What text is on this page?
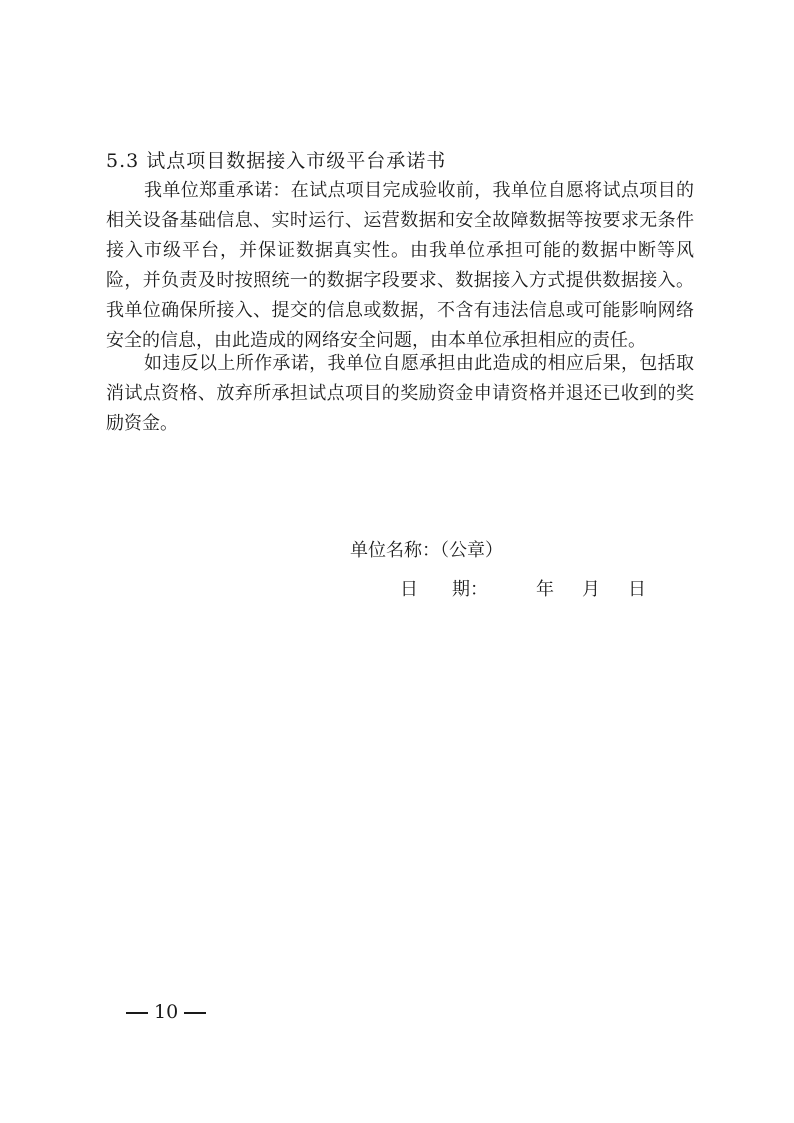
5.3 试点项目数据接入市级平台承诺书

我单位郑重承诺：在试点项目完成验收前，我单位自愿将试点项目的相关设备基础信息、实时运行、运营数据和安全故障数据等按要求无条件接入市级平台，并保证数据真实性。由我单位承担可能的数据中断等风险，并负责及时按照统一的数据字段要求、数据接入方式提供数据接入。我单位确保所接入、提交的信息或数据，不含有违法信息或可能影响网络安全的信息，由此造成的网络安全问题，由本单位承担相应的责任。

如违反以上所作承诺，我单位自愿承担由此造成的相应后果，包括取消试点资格、放弃所承担试点项目的奖励资金申请资格并退还已收到的奖励资金。

单位名称：（公章）
日 期：	年 月 日
10
